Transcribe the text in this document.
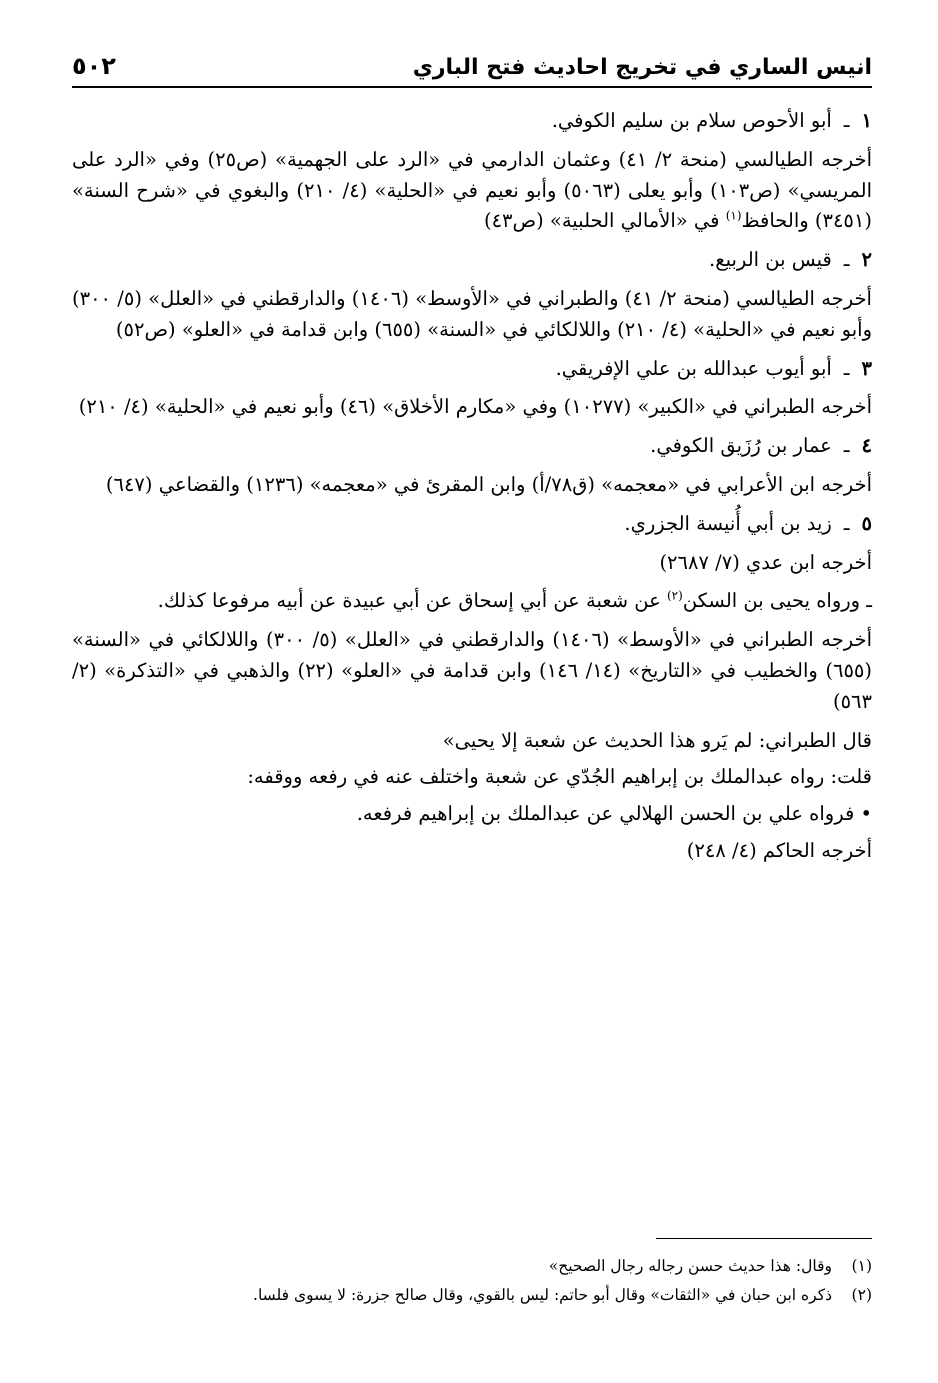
انيس الساري في تخريج احاديث فتح الباري
٥٠٢
١
ـ
أبو الأحوص سلام بن سليم الكوفي.

أخرجه الطيالسي (منحة ٢/ ٤١) وعثمان الدارمي في «الرد على الجهمية» (ص٢٥) وفي «الرد على المريسي» (ص١٠٣) وأبو يعلى (٥٠٦٣) وأبو نعيم في «الحلية» (٤/ ٢١٠) والبغوي في «شرح السنة» (٣٤٥١) والحافظ$^{(١)}$ في «الأمالي الحلبية» (ص٤٣)

٢
ـ
قيس بن الربيع.

أخرجه الطيالسي (منحة ٢/ ٤١) والطبراني في «الأوسط» (١٤٠٦) والدارقطني في «العلل» (٥/ ٣٠٠) وأبو نعيم في «الحلية» (٤/ ٢١٠) واللالكائي في «السنة» (٦٥٥) وابن قدامة في «العلو» (ص٥٢)

٣
ـ
أبو أيوب عبدالله بن علي الإفريقي.

أخرجه الطبراني في «الكبير» (١٠٢٧٧) وفي «مكارم الأخلاق» (٤٦) وأبو نعيم في «الحلية» (٤/ ٢١٠)

٤
ـ
عمار بن رُزَيق الكوفي.

أخرجه ابن الأعرابي في «معجمه» (ق٧٨/أ) وابن المقرئ في «معجمه» (١٢٣٦) والقضاعي (٦٤٧)

٥
ـ
زيد بن أبي أُنيسة الجزري.

أخرجه ابن عدي (٧/ ٢٦٨٧)

ـ ورواه يحيى بن السكن$^{(٢)}$ عن شعبة عن أبي إسحاق عن أبي عبيدة عن أبيه مرفوعا كذلك.

أخرجه الطبراني في «الأوسط» (١٤٠٦) والدارقطني في «العلل» (٥/ ٣٠٠) واللالكائي في «السنة» (٦٥٥) والخطيب في «التاريخ» (١٤/ ١٤٦) وابن قدامة في «العلو» (٢٢) والذهبي في «التذكرة» (٢/ ٥٦٣)

قال الطبراني: لم يَرو هذا الحديث عن شعبة إلا يحيى»

قلت: رواه عبدالملك بن إبراهيم الجُدّي عن شعبة واختلف عنه في رفعه ووقفه:

• فرواه علي بن الحسن الهلالي عن عبدالملك بن إبراهيم فرفعه.

أخرجه الحاكم (٤/ ٢٤٨)

(١)
وقال: هذا حديث حسن رجاله رجال الصحيح»
(٢)
ذكره ابن حبان في «الثقات» وقال أبو حاتم: ليس بالقوي، وقال صالح جزرة: لا يسوى فلسا.
